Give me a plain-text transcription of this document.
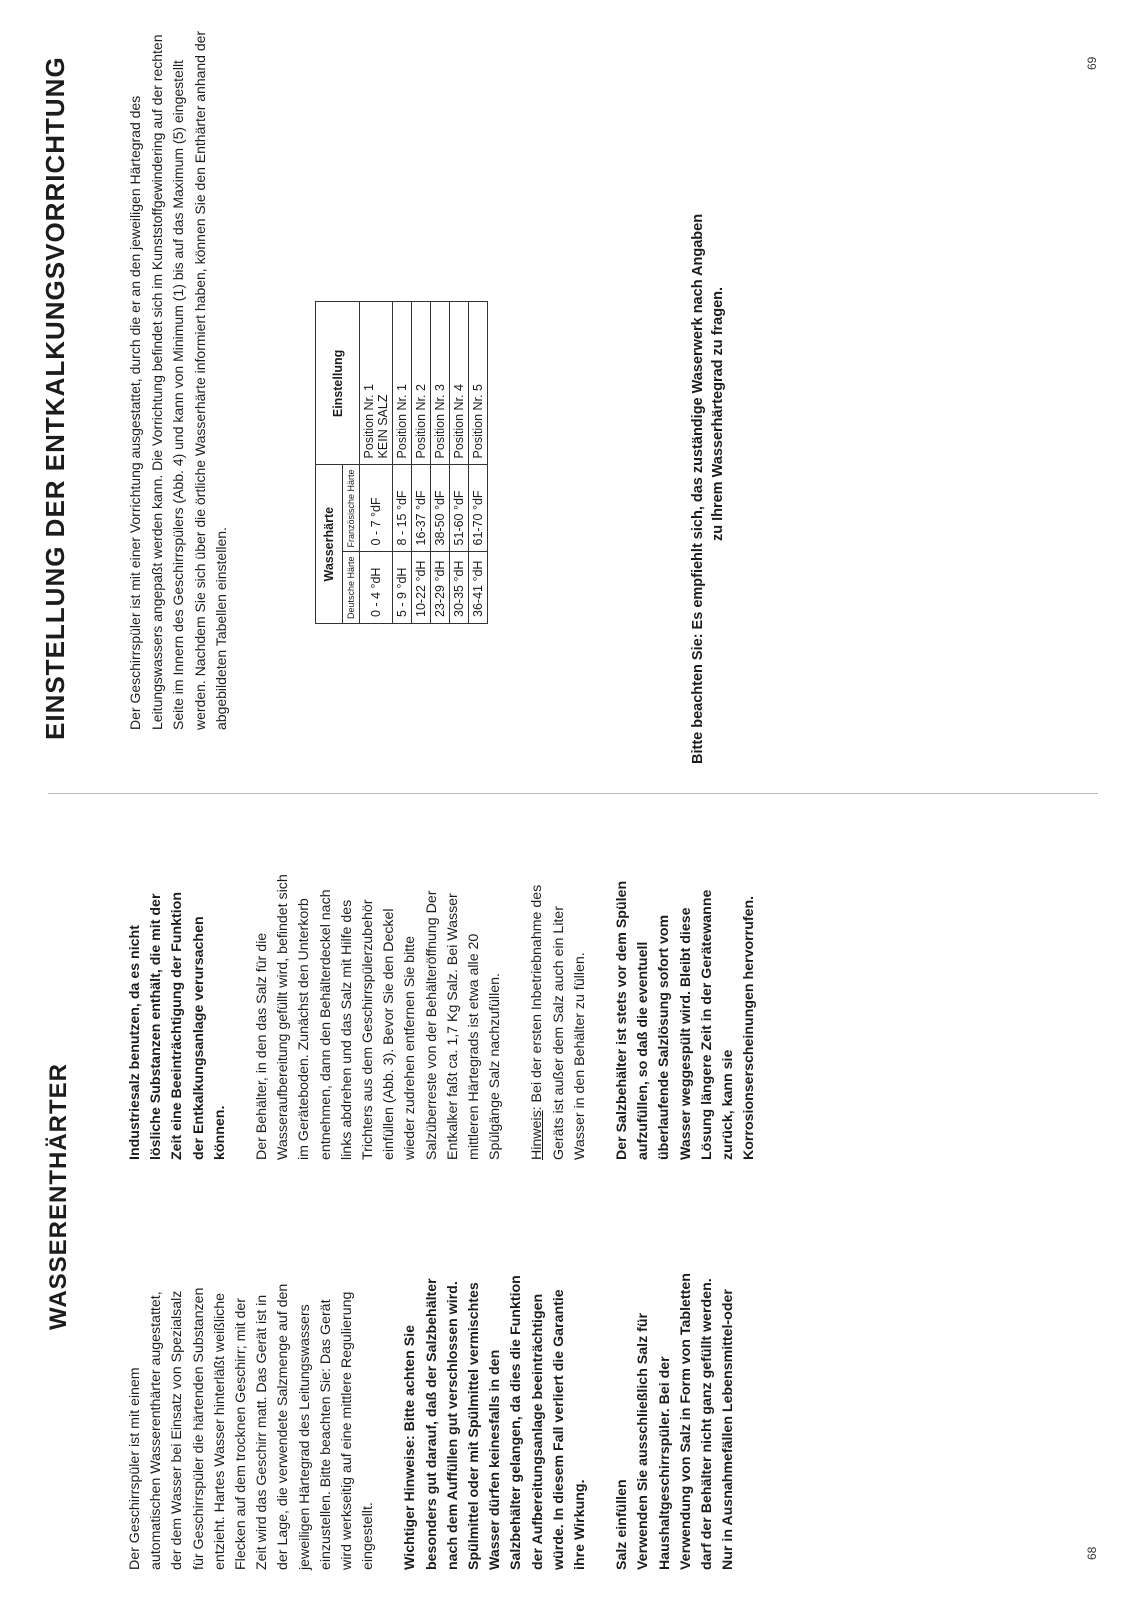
68
69
WASSERENTHÄRTER

Der Geschirrspüler ist mit einem automatischen Wasserenthärter augestattet, der dem Wasser bei Einsatz von Spezialsalz für Geschirrspüler die härtenden Substanzen entzieht. Hartes Wasser hinterläßt weißliche Flecken auf dem trocknen Geschirr; mit der Zeit wird das Geschirr matt. Das Gerät ist in der Lage, die verwendete Salzmenge auf den jeweiligen Härtegrad des Leitungswassers einzustellen. Bitte beachten Sie: Das Gerät wird werkseitig auf eine mittlere Regulierung eingestellt. Wichtiger Hinweise: Bitte achten Sie besonders gut darauf, daß der Salzbehälter nach dem Auffüllen gut verschlossen wird. Spülmittel oder mit Spülmittel vermischtes Wasser dürfen keinesfalls in den Salzbehälter gelangen, da dies die Funktion der Aufbereitungsanlage beeinträchtigen würde. In diesem Fall verliert die Garantie ihre Wirkung. Salz einfüllen Verwenden Sie ausschließlich Salz für Haushaltgeschirrspüler. Bei der Verwendung von Salz in Form von Tabletten darf der Behälter nicht ganz gefüllt werden. Nur in Ausnahmefällen Lebensmittel-oder

Industriesalz benutzen, da es nicht lösliche Substanzen enthält, die mit der Zeit eine Beeinträchtigung der Funktion der Entkalkungsanlage verursachen können. Der Behälter, in den das Salz für die Wasseraufbereitung gefüllt wird, befindet sich im Geräteboden. Zunächst den Unterkorb entnehmen, dann den Behälterdeckel nach links abdrehen und das Salz mit Hilfe des Trichters aus dem Geschirrspülerzubehör einfüllen (Abb. 3). Bevor Sie den Deckel wieder zudrehen entfernen Sie bitte Salzüberreste von der Behälteröffnung Der Entkalker faßt ca. 1,7 Kg Salz. Bei Wasser mittleren Härtegrads ist etwa alle 20 Spülgänge Salz nachzufüllen. Hinweis: Bei der ersten Inbetriebnahme des Geräts ist außer dem Salz auch ein Liter Wasser in den Behälter zu füllen. Der Salzbehälter ist stets vor dem Spülen aufzufüllen, so daß die eventuell überlaufende Salzlösung sofort vom Wasser weggespült wird. Bleibt diese Lösung längere Zeit in der Gerätewanne zurück, kann sie Korrosionserscheinungen hervorrufen.

EINSTELLUNG DER ENTKALKUNGSVORRICHTUNG	Der Geschirrspüler ist mit einer Vorrichtung ausgestattet, durch die er an den jeweiligen Härtegrad des Leitungswassers angepaßt werden kann. Die Vorrichtung befindet sich im Kunststoffgewindering auf der rechten Seite im Innern des Geschirrspülers (Abb. 4) und kann von Minimum (1) bis auf das Maximum (5) eingestellt werden. Nachdem Sie sich über die örtliche Wasserhärte informiert haben, können Sie den Enthärter anhand der abgebildeten Tabellen einstellen.	Wasserhärte		Einstellung
Deutsche Härte	Französische Härte	
0 - 4 °dH	0 - 7 °dF	Position Nr. 1 KEIN SALZ

5 - 9 °dH	8 - 15 °dF	Position Nr. 1
10-22 °dH	16-37 °dF	Position Nr. 2
23-29 °dH	38-50 °dF	Position Nr. 3
30-35 °dH	51-60 °dF	Position Nr. 4
36-41 °dH	61-70 °dF	Position Nr. 5	Bitte beachten Sie: Es empfiehlt sich, das zuständige Waserwerk nach Angaben zu Ihrem Wasserhärtegrad zu fragen.
